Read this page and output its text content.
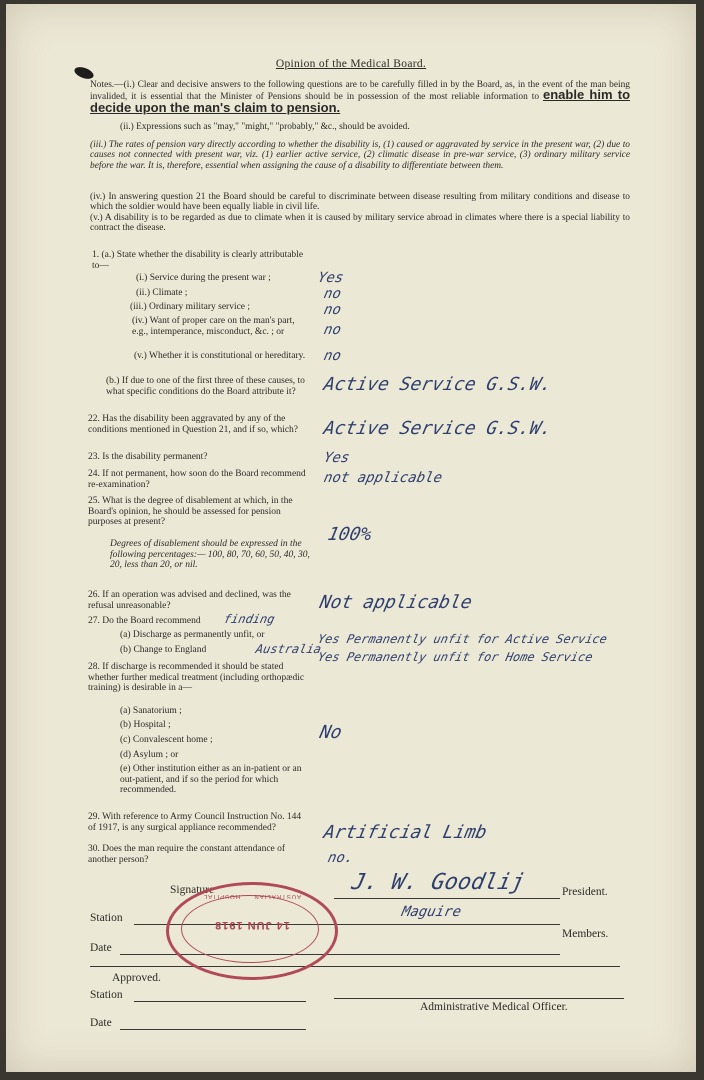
Opinion of the Medical Board.
Notes.—(i.) Clear and decisive answers to the following questions are to be carefully filled in by the Board, as, in the event of the man being invalided, it is essential that the Minister of Pensions should be in possession of the most reliable information to enable him to decide upon the man's claim to pension.
(ii.) Expressions such as "may," "might," "probably," &c., should be avoided.
(iii.) The rates of pension vary directly according to whether the disability is, (1) caused or aggravated by service in the present war, (2) due to causes not connected with present war, viz. (1) earlier active service, (2) climatic disease in pre-war service, (3) ordinary military service before the war. It is, therefore, essential when assigning the cause of a disability to differentiate between them.
(iv.) In answering question 21 the Board should be careful to discriminate between disease resulting from military conditions and disease to which the soldier would have been equally liable in civil life.
(v.) A disability is to be regarded as due to climate when it is caused by military service abroad in climates where there is a special liability to contract the disease.
1. (a.) State whether the disability is clearly attributable to—
(i.) Service during the present war ;
(ii.) Climate ;
(iii.) Ordinary military service ;
(iv.) Want of proper care on the man's part, e.g., intemperance, misconduct, &c. ; or
(v.) Whether it is constitutional or hereditary.
(b.) If due to one of the first three of these causes, to what specific conditions do the Board attribute it?
22. Has the disability been aggravated by any of the conditions mentioned in Question 21, and if so, which?
23. Is the disability permanent?
24. If not permanent, how soon do the Board recommend re-examination?
25. What is the degree of disablement at which, in the Board's opinion, he should be assessed for pension purposes at present?
Degrees of disablement should be expressed in the following percentages:— 100, 80, 70, 60, 50, 40, 30, 20, less than 20, or nil.
26. If an operation was advised and declined, was the refusal unreasonable?
27. Do the Board recommend
(a) Discharge as permanently unfit, or
(b) Change to England
28. If discharge is recommended it should be stated whether further medical treatment (including orthopædic training) is desirable in a—
(a) Sanatorium ;
(b) Hospital ;
(c) Convalescent home ;
(d) Asylum ; or
(e) Other institution either as an in-patient or an out-patient, and if so the period for which recommended.
29. With reference to Army Council Instruction No. 144 of 1917, is any surgical appliance recommended?
30. Does the man require the constant attendance of another person?
Yes
no
no
no
no
Active Service G.S.W.
Active Service G.S.W.
Yes
not applicable
100%
Not applicable
finding
Australia
Yes Permanently unfit for Active Service
Yes Permanently unfit for Home Service
No
Artificial Limb
no.
Signature	President.
J. W. Goodlij
Station	Maguire
Members.
Date
Approved.
Station
Administrative Medical Officer.
Date
14 JUN 1918
AUSTRALIAN ... HOSPITAL
